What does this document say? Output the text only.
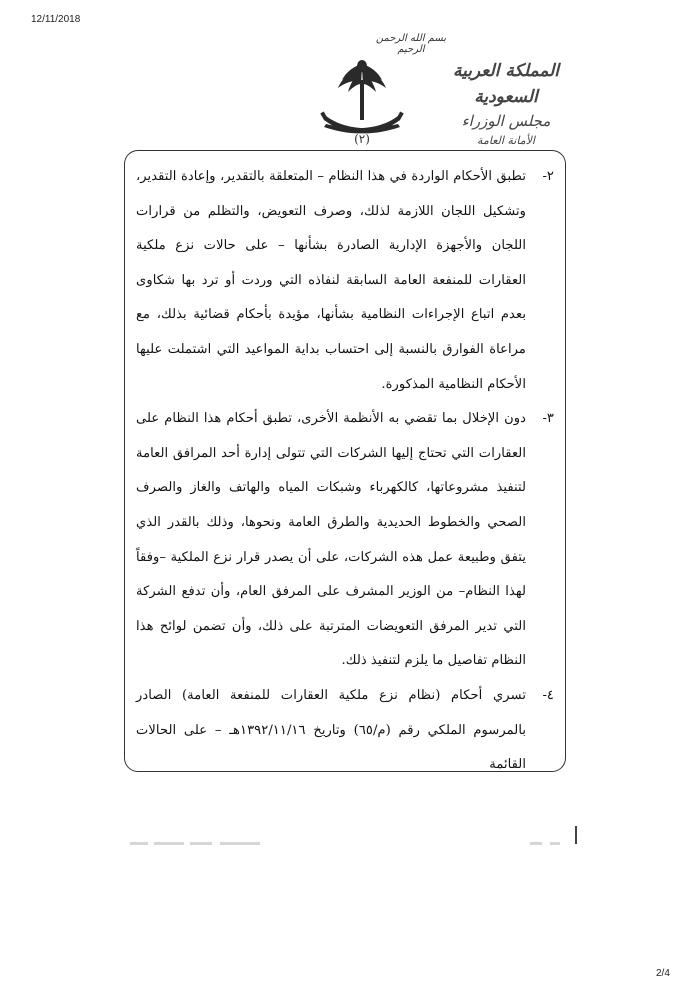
12/11/2018
بسم الله الرحمن الرحيم
(٢)
المملكة العربية السعودية
مجلس الوزراء
الأمانة العامة
٢-
تطبق الأحكام الواردة في هذا النظام – المتعلقة بالتقدير، وإعادة التقدير، وتشكيل اللجان اللازمة لذلك، وصرف التعويض، والتظلم من قرارات اللجان والأجهزة الإدارية الصادرة بشأنها – على حالات نزع ملكية العقارات للمنفعة العامة السابقة لنفاذه التي وردت أو ترد بها شكاوى بعدم اتباع الإجراءات النظامية بشأنها، مؤيدة بأحكام قضائية بذلك، مع مراعاة الفوارق بالنسبة إلى احتساب بداية المواعيد التي اشتملت عليها الأحكام النظامية المذكورة.
٣-
دون الإخلال بما تقضي به الأنظمة الأخرى، تطبق أحكام هذا النظام على العقارات التي تحتاج إليها الشركات التي تتولى إدارة أحد المرافق العامة لتنفيذ مشروعاتها، كالكهرباء وشبكات المياه والهاتف والغاز والصرف الصحي والخطوط الحديدية والطرق العامة ونحوها، وذلك بالقدر الذي يتفق وطبيعة عمل هذه الشركات، على أن يصدر قرار نزع الملكية –وفقاً لهذا النظام– من الوزير المشرف على المرفق العام، وأن تدفع الشركة التي تدير المرفق التعويضات المترتبة على ذلك، وأن تضمن لوائح هذا النظام تفاصيل ما يلزم لتنفيذ ذلك.
٤-
تسري أحكام (نظام نزع ملكية العقارات للمنفعة العامة) الصادر بالمرسوم الملكي رقم (م/٦٥) وتاريخ ١٣٩٢/١١/١٦هـ – على الحالات القائمة
2/4
